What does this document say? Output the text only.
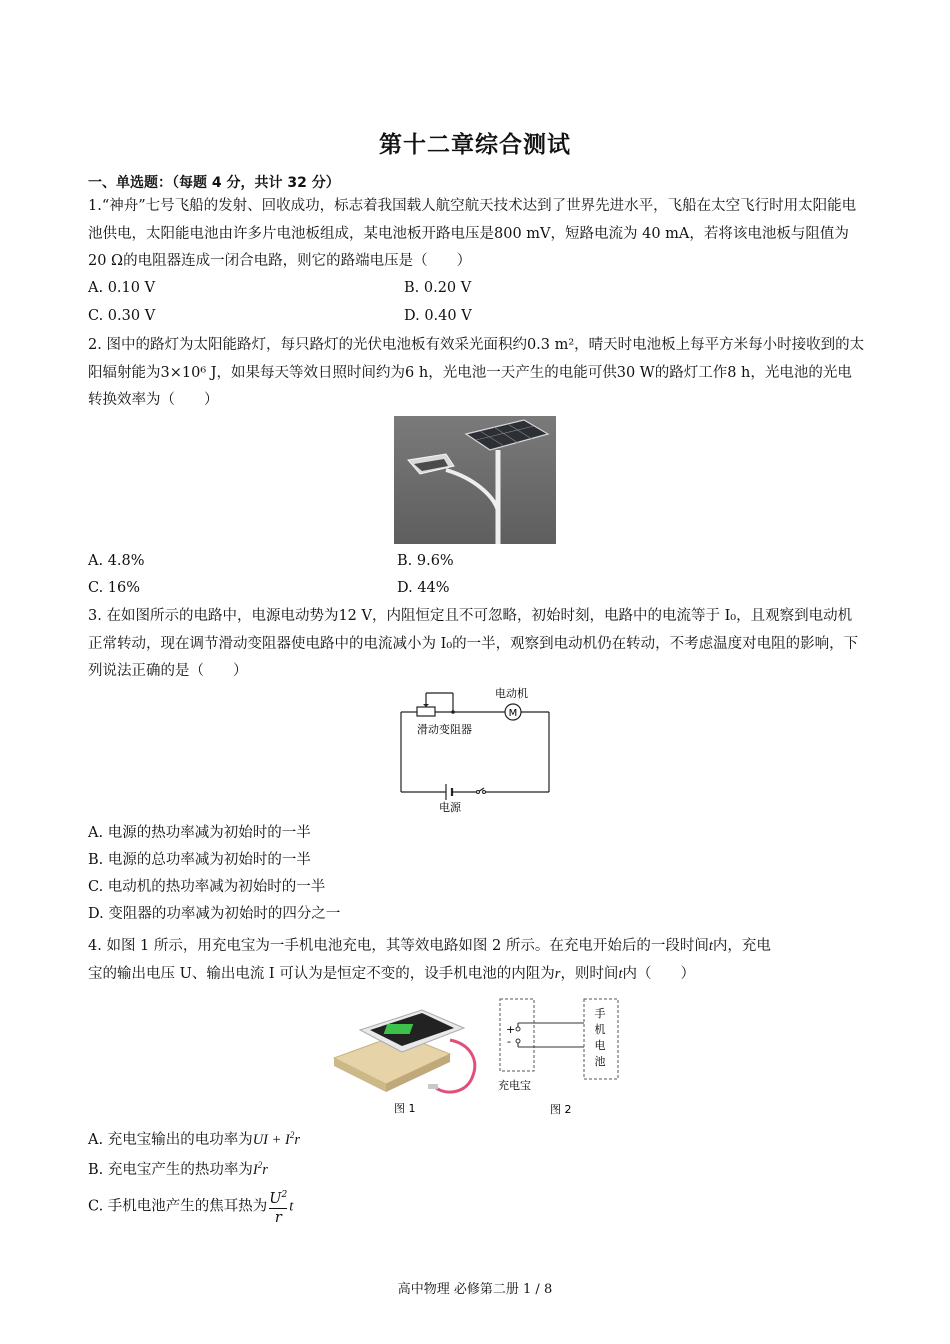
第十二章综合测试
一、单选题：（每题 4 分，共计 32 分）
1.“神舟”七号飞船的发射、回收成功，标志着我国载人航空航天技术达到了世界先进水平，飞船在太空飞行时用太阳能电池供电，太阳能电池由许多片电池板组成，某电池板开路电压是800 mV，短路电流为 40 mA，若将该电池板与阻值为20 Ω的电阻器连成一闭合电路，则它的路端电压是（　　）
A. 0.10 V	B. 0.20 V
C. 0.30 V	D. 0.40 V
2. 图中的路灯为太阳能路灯，每只路灯的光伏电池板有效采光面积约0.3 m²，晴天时电池板上每平方米每小时接收到的太阳辐射能为3×10⁶ J，如果每天等效日照时间约为6 h，光电池一天产生的电能可供30 W的路灯工作8 h，光电池的光电转换效率为（　　）
A. 4.8%	B. 9.6%
C. 16%	D. 44%
3. 在如图所示的电路中，电源电动势为12 V，内阻恒定且不可忽略，初始时刻，电路中的电流等于 I₀，且观察到电动机正常转动，现在调节滑动变阻器使电路中的电流减小为 I₀的一半，观察到电动机仍在转动，不考虑温度对电阻的影响，下列说法正确的是（　　）
M
电动机
滑动变阻器
电源
A. 电源的热功率减为初始时的一半
B. 电源的总功率减为初始时的一半
C. 电动机的热功率减为初始时的一半
D. 变阻器的功率减为初始时的四分之一
4. 如图 1 所示，用充电宝为一手机电池充电，其等效电路如图 2 所示。在充电开始后的一段时间t内，充电
宝的输出电压 U、输出电流 I 可认为是恒定不变的，设手机电池的内阻为r，则时间t内（　　）
图 1
+
-
手
机
电
池
充电宝
图 2
A. 充电宝输出的电功率为UI + $I^2r$
B. 充电宝产生的热功率为$I^2r$
C. 手机电池产生的焦耳热为 $\frac{U^2}{r}$ t
高中物理 必修第二册 1 / 8
